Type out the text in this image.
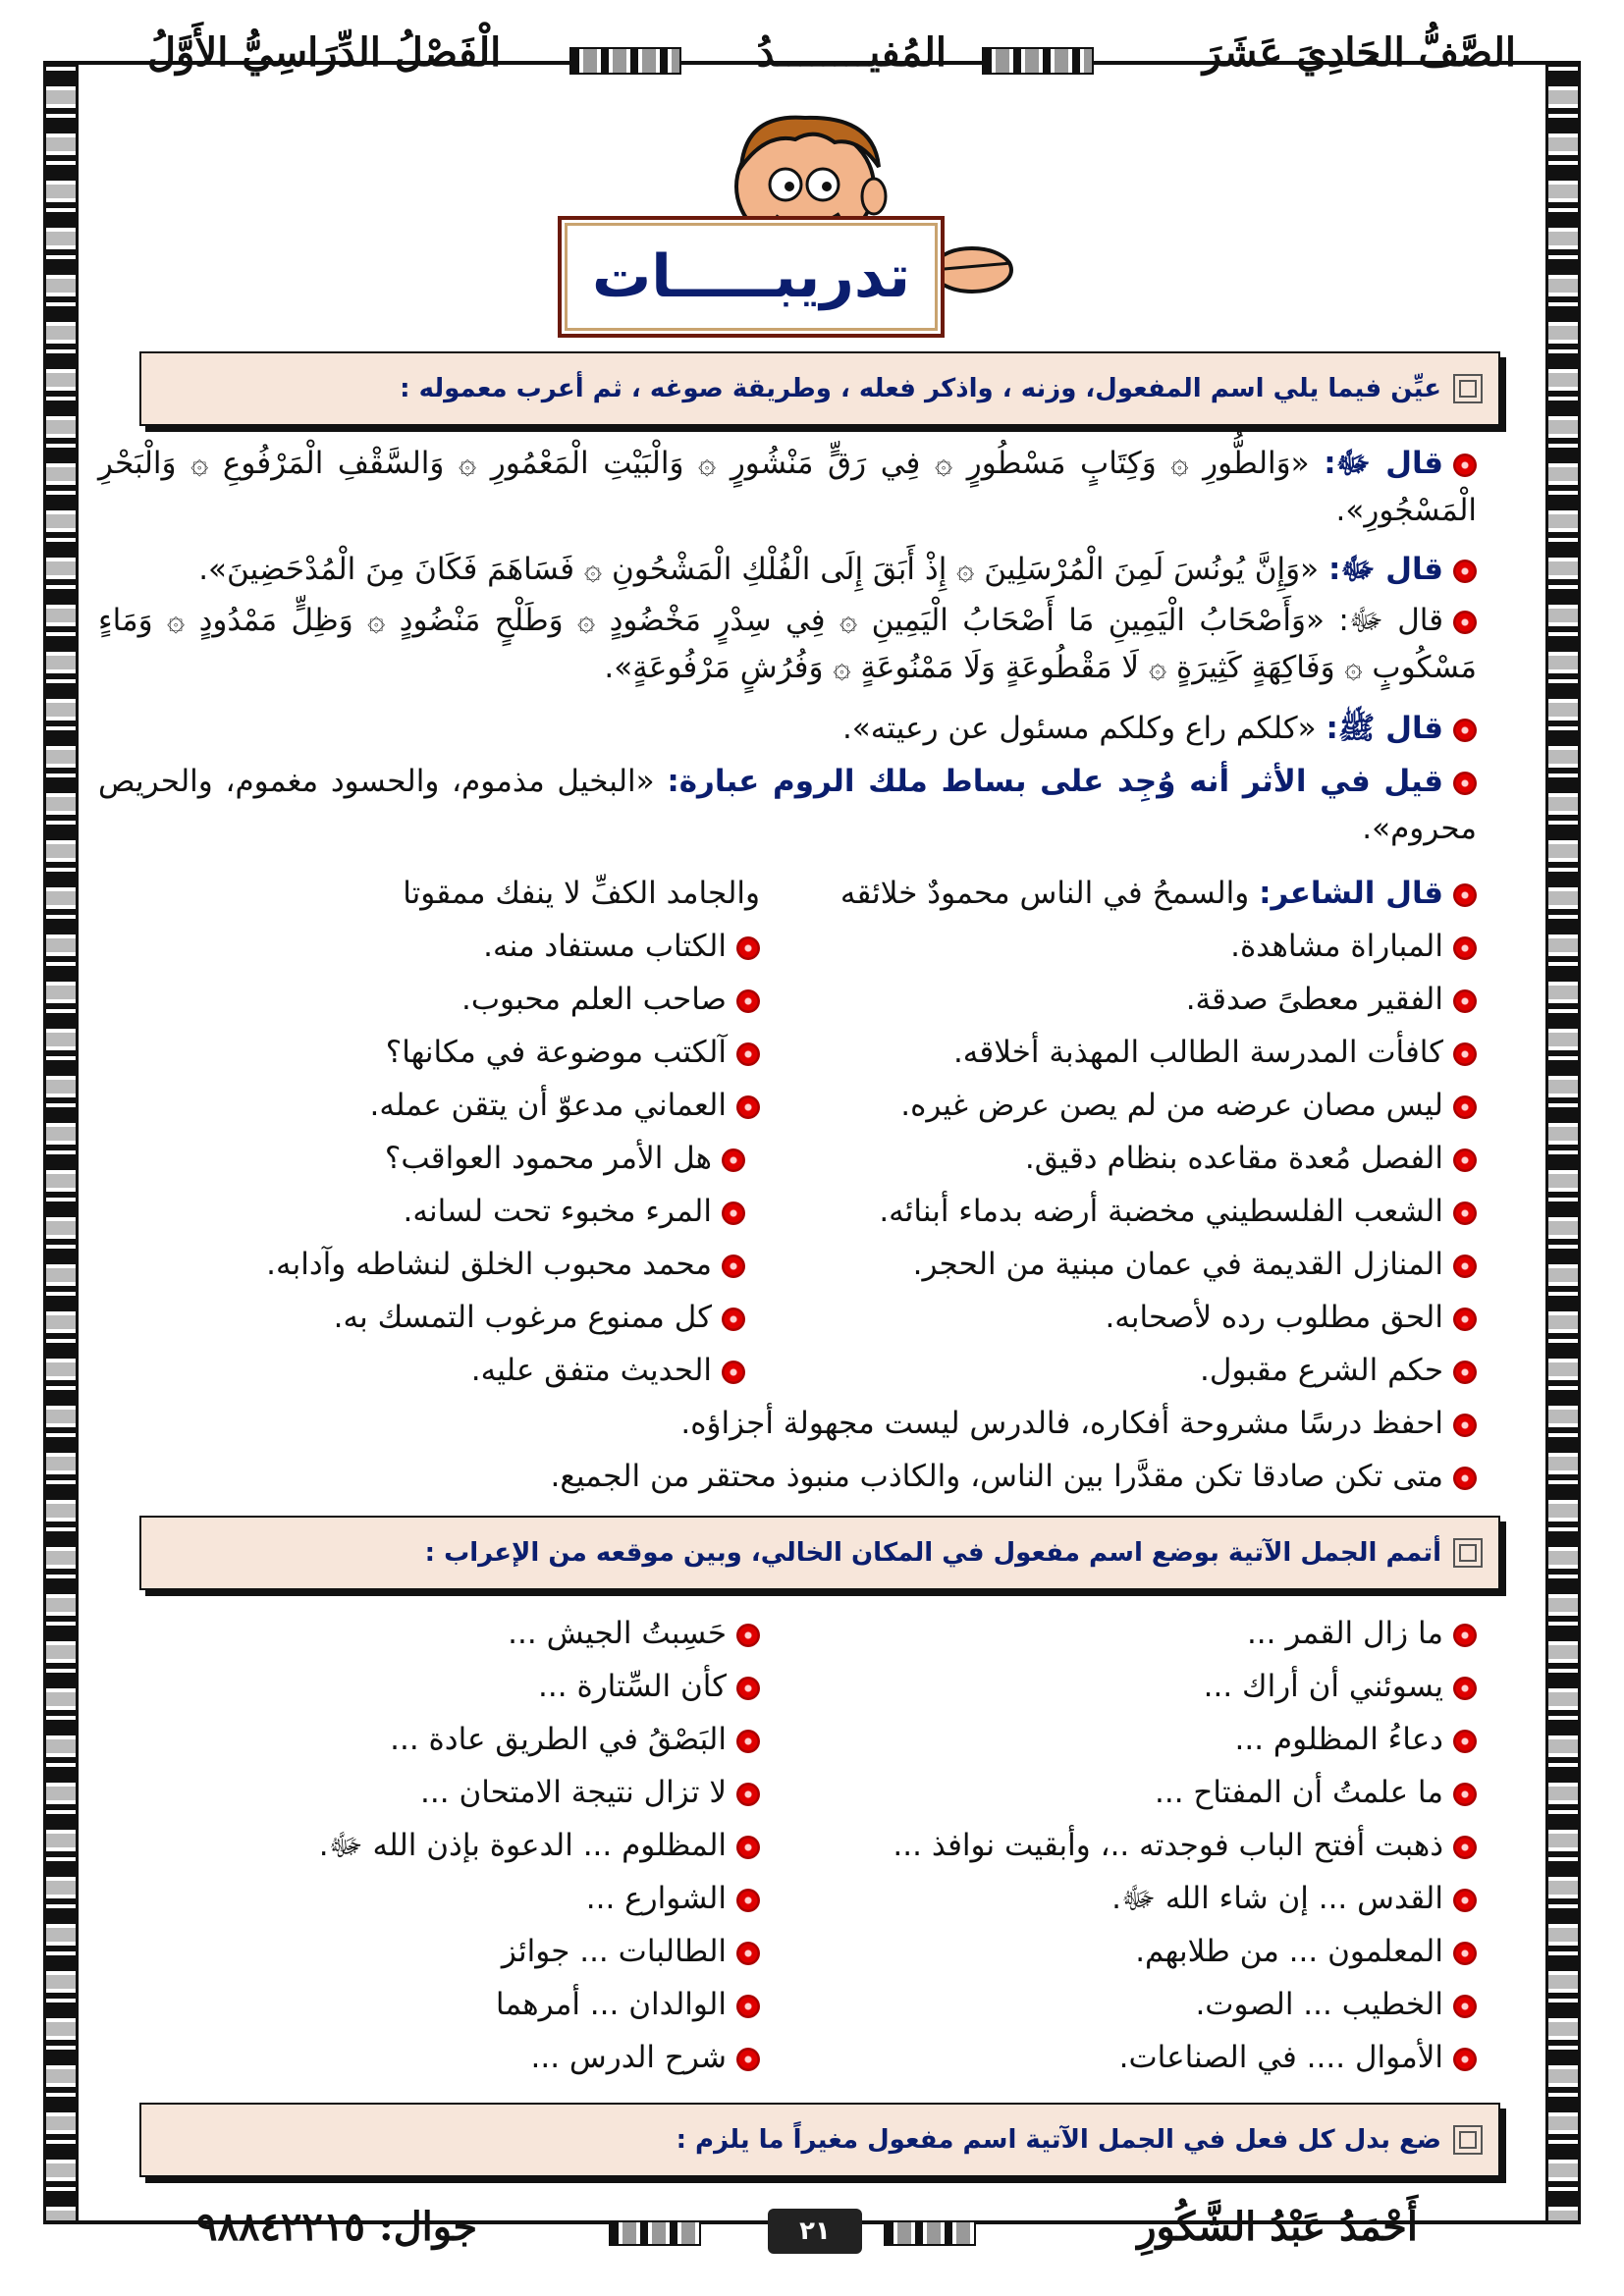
الصَّفُّ الحَادِيَ عَشَرَ
المُفيــــــــدُ
الْفَصْلُ الدِّرَاسِيُّ الأَوَّلُ
تدريبـــــات
عيِّن فيما يلي اسم المفعول، وزنه ، واذكر فعله ، وطريقة صوغه ، ثم أعرب معموله :
قال ﷻ: «وَالطُّورِ ۞ وَكِتَابٍ مَسْطُورٍ ۞ فِي رَقٍّ مَنْشُورٍ ۞ وَالْبَيْتِ الْمَعْمُورِ ۞ وَالسَّقْفِ الْمَرْفُوعِ ۞ وَالْبَحْرِ الْمَسْجُورِ».
قال ﷻ: «وَإِنَّ يُونُسَ لَمِنَ الْمُرْسَلِينَ ۞ إِذْ أَبَقَ إِلَى الْفُلْكِ الْمَشْحُونِ ۞ فَسَاهَمَ فَكَانَ مِنَ الْمُدْحَضِينَ».
قال ﷻ: «وَأَصْحَابُ الْيَمِينِ مَا أَصْحَابُ الْيَمِينِ ۞ فِي سِدْرٍ مَخْضُودٍ ۞ وَطَلْحٍ مَنْضُودٍ ۞ وَظِلٍّ مَمْدُودٍ ۞ وَمَاءٍ مَسْكُوبٍ ۞ وَفَاكِهَةٍ كَثِيرَةٍ ۞ لَا مَقْطُوعَةٍ وَلَا مَمْنُوعَةٍ ۞ وَفُرُشٍ مَرْفُوعَةٍ».
قال ﷺ: «كلكم راع وكلكم مسئول عن رعيته».
قيل في الأثر أنه وُجِد على بساط ملك الروم عبارة: «البخيل مذموم، والحسود مغموم، والحريص محروم».
قال الشاعر: والسمحُ في الناس محمودٌ خلائقه
والجامد الكفِّ لا ينفك ممقوتا
المباراة مشاهدة.
الفقير معطىً صدقة.
كافأت المدرسة الطالب المهذبة أخلاقه.
ليس مصان عرضه من لم يصن عرض غيره.
الفصل مُعدة مقاعده بنظام دقيق.
الشعب الفلسطيني مخضبة أرضه بدماء أبنائه.
المنازل القديمة في عمان مبنية من الحجر.
الحق مطلوب رده لأصحابه.
حكم الشرع مقبول.
الكتاب مستفاد منه.
صاحب العلم محبوب.
آلكتب موضوعة في مكانها؟
العماني مدعوّ أن يتقن عمله.
هل الأمر محمود العواقب؟
المرء مخبوء تحت لسانه.
محمد محبوب الخلق لنشاطه وآدابه.
كل ممنوع مرغوب التمسك به.
الحديث متفق عليه.
احفظ درسًا مشروحة أفكاره، فالدرس ليست مجهولة أجزاؤه.
متى تكن صادقا تكن مقدَّرا بين الناس، والكاذب منبوذ محتقر من الجميع.
أتمم الجمل الآتية بوضع اسم مفعول في المكان الخالي، وبين موقعه من الإعراب :
ما زال القمر ...
يسوئني أن أراك ...
دعاءُ المظلوم ...
ما علمتُ أن المفتاح ...
ذهبت أفتح الباب فوجدته ..، وأبقيت نوافذ ...
القدس ... إن شاء الله ﷻ.
المعلمون ... من طلابهم.
الخطيب ... الصوت.
الأموال .... في الصناعات.
حَسِبتُ الجيش ...
كأن السِّتارة ...
البَصْقُ في الطريق عادة ...
لا تزال نتيجة الامتحان ...
المظلوم ... الدعوة بإذن الله ﷻ.
الشوارع ...
الطالبات ... جوائز
الوالدان ... أمرهما
شرح الدرس ...
ضع بدل كل فعل في الجمل الآتية اسم مفعول مغيراً ما يلزم :
أَحْمَدُ عَبْدُ الشَّكُورِ
٢١
جوال: ٩٨٨٤٢٢١٥
